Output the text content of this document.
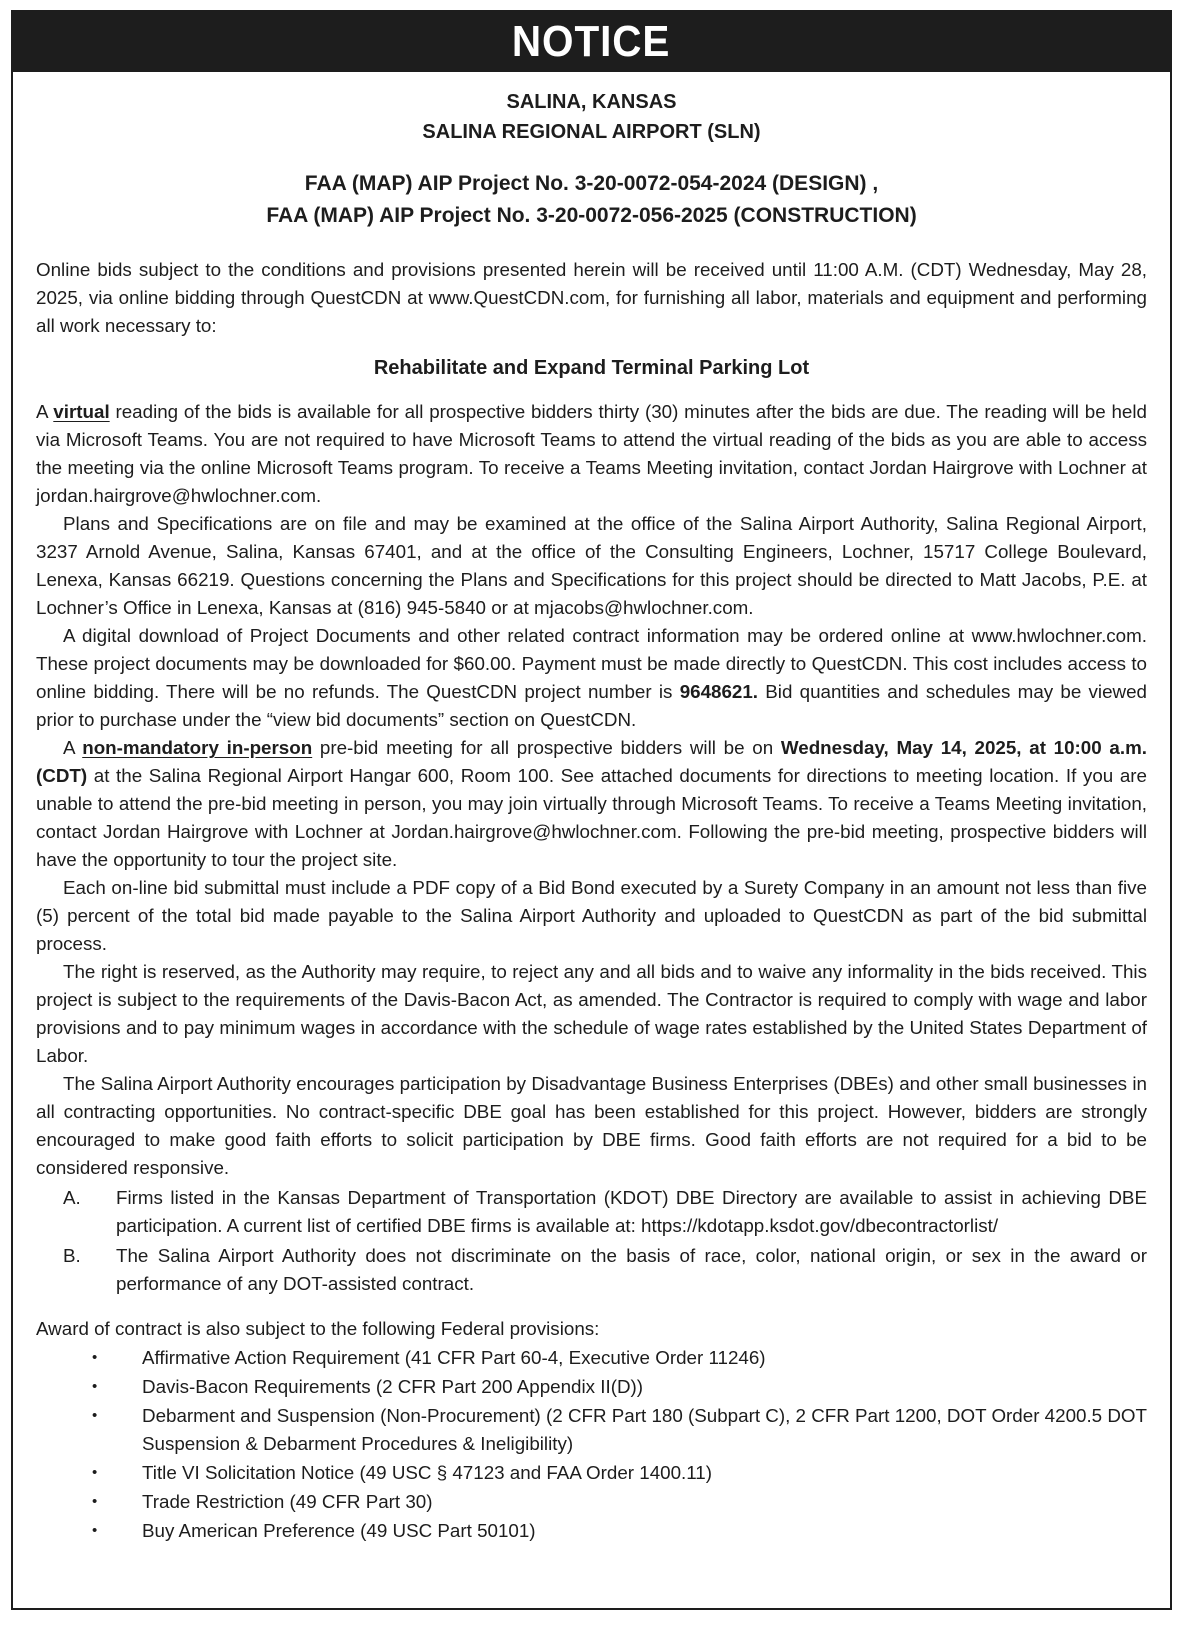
NOTICE
SALINA, KANSAS
SALINA REGIONAL AIRPORT (SLN)
FAA (MAP) AIP Project No. 3-20-0072-054-2024 (DESIGN) ,
FAA (MAP) AIP Project No. 3-20-0072-056-2025 (CONSTRUCTION)

Online bids subject to the conditions and provisions presented herein will be received until 11:00 A.M. (CDT) Wednesday, May 28, 2025, via online bidding through QuestCDN at www.QuestCDN.com, for furnishing all labor, materials and equipment and performing all work necessary to:

Rehabilitate and Expand Terminal Parking Lot

A virtual reading of the bids is available for all prospective bidders thirty (30) minutes after the bids are due. The reading will be held via Microsoft Teams. You are not required to have Microsoft Teams to attend the virtual reading of the bids as you are able to access the meeting via the online Microsoft Teams program. To receive a Teams Meeting invitation, contact Jordan Hairgrove with Lochner at jordan.hairgrove@hwlochner.com.

Plans and Specifications are on file and may be examined at the office of the Salina Airport Authority, Salina Regional Airport, 3237 Arnold Avenue, Salina, Kansas 67401, and at the office of the Consulting Engineers, Lochner, 15717 College Boulevard, Lenexa, Kansas 66219. Questions concerning the Plans and Specifications for this project should be directed to Matt Jacobs, P.E. at Lochner’s Office in Lenexa, Kansas at (816) 945-5840 or at mjacobs@hwlochner.com.

A digital download of Project Documents and other related contract information may be ordered online at www.hwlochner.com. These project documents may be downloaded for $60.00. Payment must be made directly to QuestCDN. This cost includes access to online bidding. There will be no refunds. The QuestCDN project number is 9648621. Bid quantities and schedules may be viewed prior to purchase under the “view bid documents” section on QuestCDN.

A non-mandatory in-person pre-bid meeting for all prospective bidders will be on Wednesday, May 14, 2025, at 10:00 a.m. (CDT) at the Salina Regional Airport Hangar 600, Room 100. See attached documents for directions to meeting location. If you are unable to attend the pre-bid meeting in person, you may join virtually through Microsoft Teams. To receive a Teams Meeting invitation, contact Jordan Hairgrove with Lochner at Jordan.hairgrove@hwlochner.com. Following the pre-bid meeting, prospective bidders will have the opportunity to tour the project site.

Each on-line bid submittal must include a PDF copy of a Bid Bond executed by a Surety Company in an amount not less than five (5) percent of the total bid made payable to the Salina Airport Authority and uploaded to QuestCDN as part of the bid submittal process.

The right is reserved, as the Authority may require, to reject any and all bids and to waive any informality in the bids received. This project is subject to the requirements of the Davis-Bacon Act, as amended. The Contractor is required to comply with wage and labor provisions and to pay minimum wages in accordance with the schedule of wage rates established by the United States Department of Labor.

The Salina Airport Authority encourages participation by Disadvantage Business Enterprises (DBEs) and other small businesses in all contracting opportunities. No contract-specific DBE goal has been established for this project. However, bidders are strongly encouraged to make good faith efforts to solicit participation by DBE firms. Good faith efforts are not required for a bid to be considered responsive.

A.	Firms listed in the Kansas Department of Transportation (KDOT) DBE Directory are available to assist in achieving DBE participation. A current list of certified DBE firms is available at: https://kdotapp.ksdot.gov/dbecontractorlist/
B.	The Salina Airport Authority does not discriminate on the basis of race, color, national origin, or sex in the award or performance of any DOT-assisted contract.

Award of contract is also subject to the following Federal provisions:

•	Affirmative Action Requirement (41 CFR Part 60-4, Executive Order 11246)
•	Davis-Bacon Requirements (2 CFR Part 200 Appendix II(D))
•	Debarment and Suspension (Non-Procurement) (2 CFR Part 180 (Subpart C), 2 CFR Part 1200, DOT Order 4200.5 DOT Suspension & Debarment Procedures & Ineligibility)
•	Title VI Solicitation Notice (49 USC § 47123 and FAA Order 1400.11)
•	Trade Restriction (49 CFR Part 30)
•	Buy American Preference (49 USC Part 50101)
